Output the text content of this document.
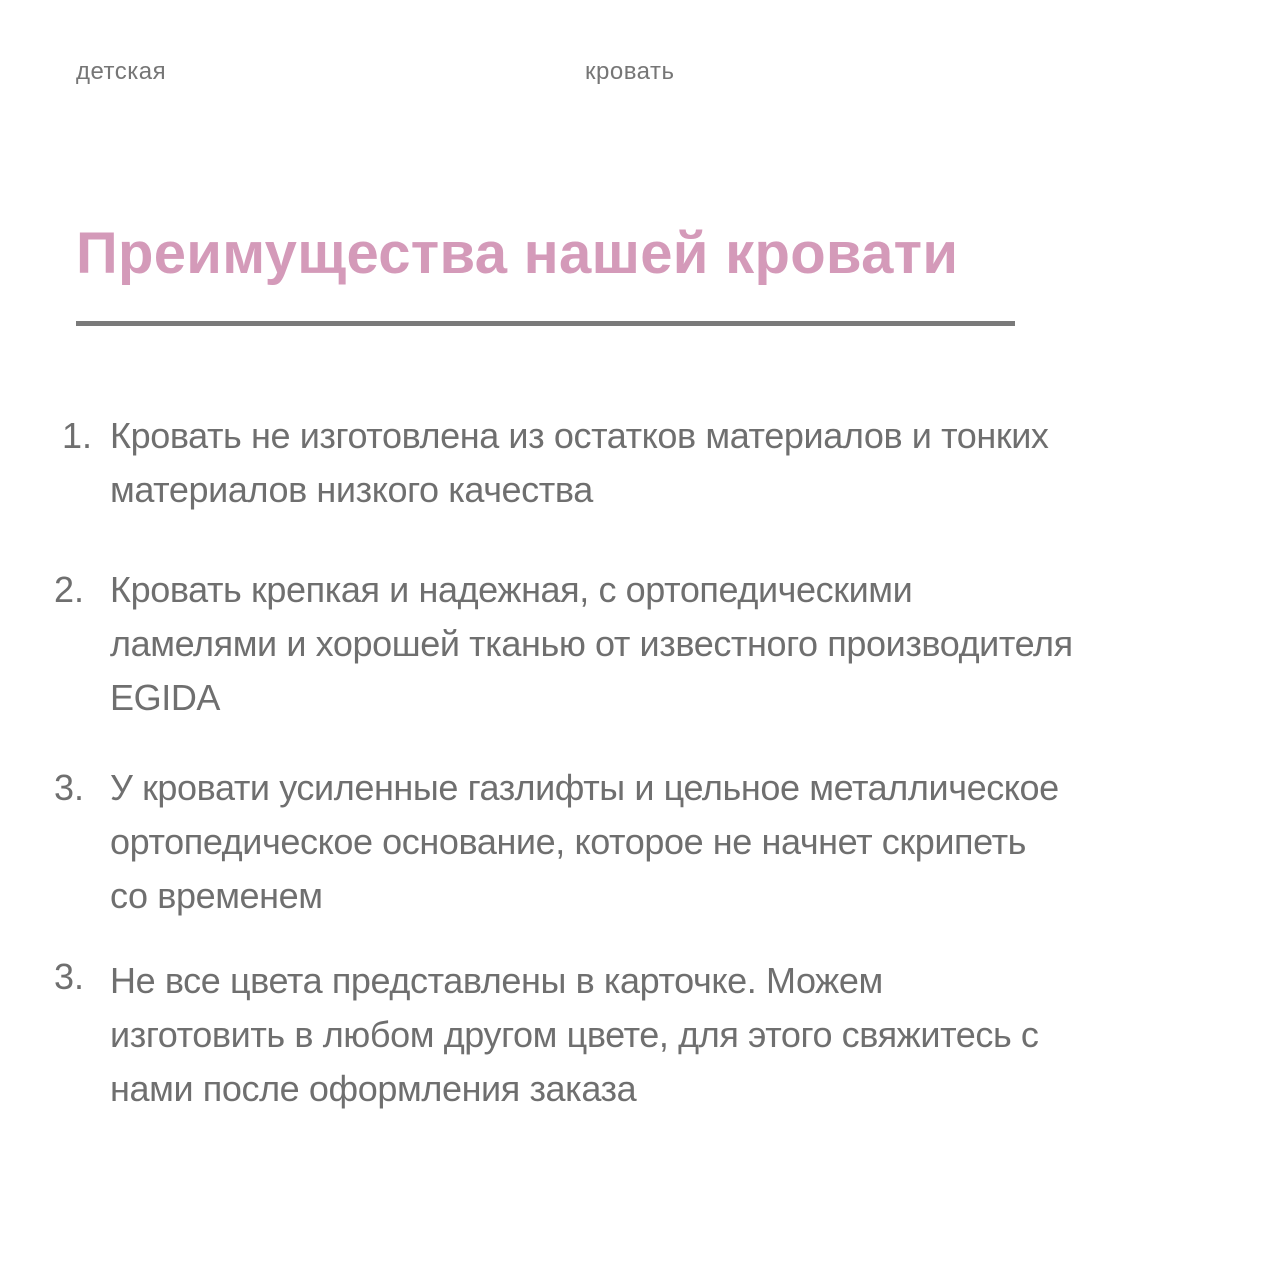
детская	кровать
Преимущества нашей кровати
1. Кровать не изготовлена из остатков материалов и тонких
материалов низкого качества
2. Кровать крепкая и надежная, с ортопедическими
ламелями и хорошей тканью от известного производителя
EGIDA
3. У кровати усиленные газлифты и цельное металлическое
ортопедическое основание, которое не начнет скрипеть
со временем
3. Не все цвета представлены в карточке. Можем
изготовить в любом другом цвете, для этого свяжитесь с
нами после оформления заказа
